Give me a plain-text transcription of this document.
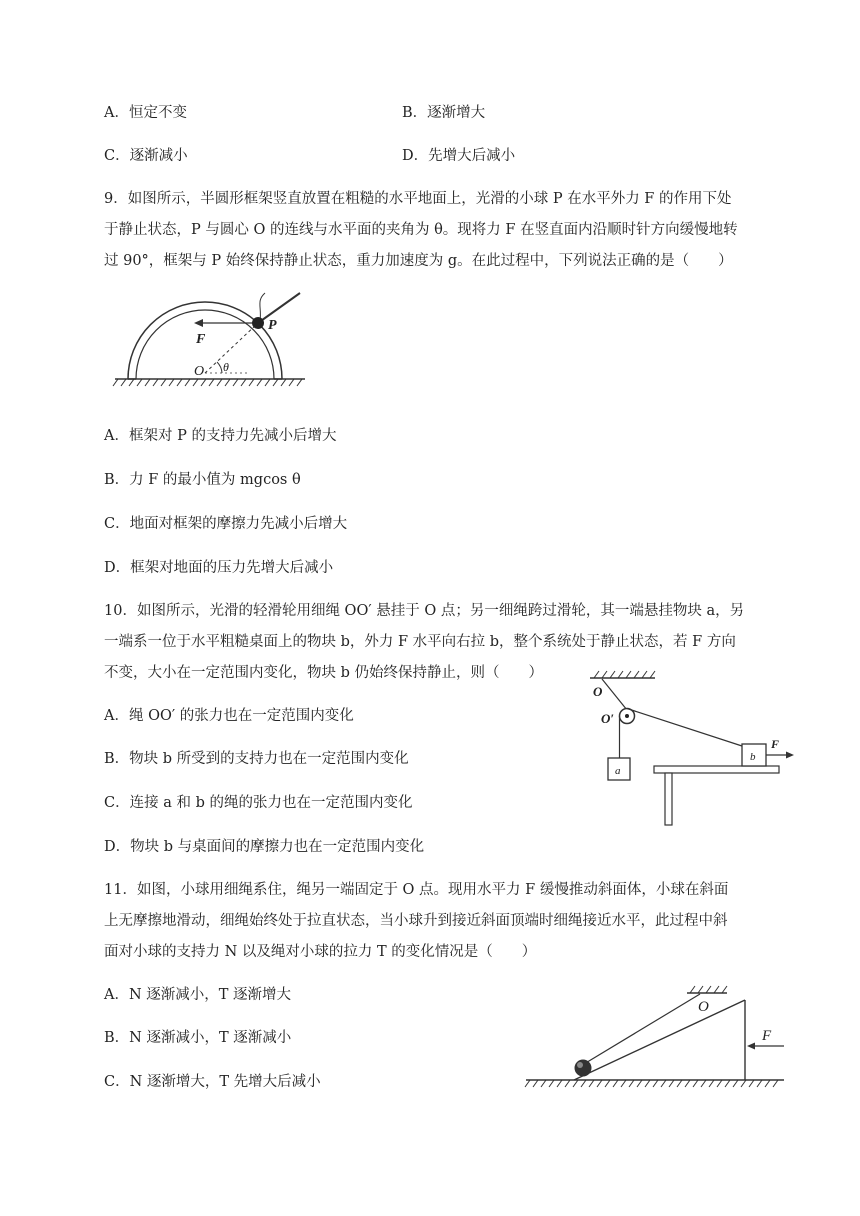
A．恒定不变	B．逐渐增大
C．逐渐减小	D．先增大后减小
9．如图所示，半圆形框架竖直放置在粗糙的水平地面上，光滑的小球 P 在水平外力 F 的作用下处
于静止状态，P 与圆心 O 的连线与水平面的夹角为 θ。现将力 F 在竖直面内沿顺时针方向缓慢地转
过 90°，框架与 P 始终保持静止状态，重力加速度为 g。在此过程中，下列说法正确的是（　　）
F
P
O θ
A．框架对 P 的支持力先减小后增大
B．力 F 的最小值为 mgcos θ
C．地面对框架的摩擦力先减小后增大
D．框架对地面的压力先增大后减小
10．如图所示，光滑的轻滑轮用细绳 OO′ 悬挂于 O 点；另一细绳跨过滑轮，其一端悬挂物块 a，另
一端系一位于水平粗糙桌面上的物块 b，外力 F 水平向右拉 b，整个系统处于静止状态，若 F 方向
不变，大小在一定范围内变化，物块 b 仍始终保持静止，则（　　）
O
O′
a
b
F
A．绳 OO′ 的张力也在一定范围内变化
B．物块 b 所受到的支持力也在一定范围内变化
C．连接 a 和 b 的绳的张力也在一定范围内变化
D．物块 b 与桌面间的摩擦力也在一定范围内变化
11．如图，小球用细绳系住，绳另一端固定于 O 点。现用水平力 F 缓慢推动斜面体，小球在斜面
上无摩擦地滑动，细绳始终处于拉直状态，当小球升到接近斜面顶端时细绳接近水平，此过程中斜
面对小球的支持力 N 以及绳对小球的拉力 T 的变化情况是（　　）
O
F
A．N 逐渐减小，T 逐渐增大
B．N 逐渐减小，T 逐渐减小
C．N 逐渐增大，T 先增大后减小
